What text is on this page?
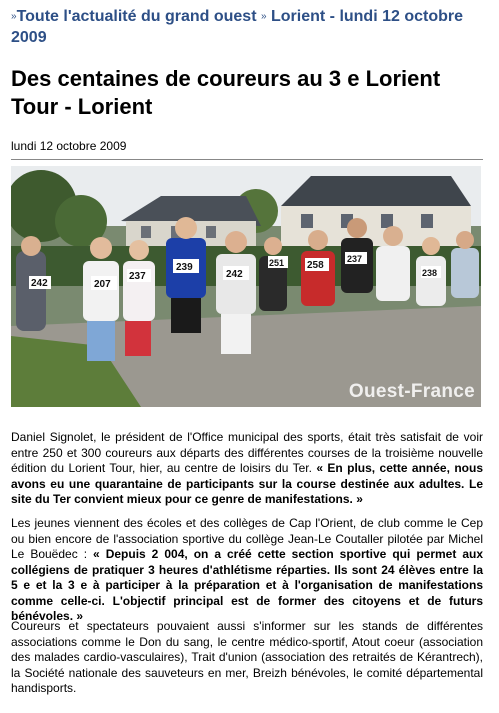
»Toute l'actualité du grand ouest » Lorient - lundi 12 octobre 2009
Des centaines de coureurs au 3 e Lorient Tour - Lorient
lundi 12 octobre 2009
242
239
207
237
258
242
251	237
238
Ouest-France

Daniel Signolet, le président de l'Office municipal des sports, était très satisfait de voir entre 250 et 300 coureurs aux départs des différentes courses de la troisième nouvelle édition du Lorient Tour, hier, au centre de loisirs du Ter. « En plus, cette année, nous avons eu une quarantaine de participants sur la course destinée aux adultes. Le site du Ter convient mieux pour ce genre de manifestations. »

Les jeunes viennent des écoles et des collèges de Cap l'Orient, de club comme le Cep ou bien encore de l'association sportive du collège Jean-Le Coutaller pilotée par Michel Le Bouëdec : « Depuis 2 004, on a créé cette section sportive qui permet aux collégiens de pratiquer 3 heures d'athlétisme réparties. Ils sont 24 élèves entre la 5 e et la 3 e à participer à la préparation et à l'organisation de manifestations comme celle-ci. L'objectif principal est de former des citoyens et de futurs bénévoles. »

Coureurs et spectateurs pouvaient aussi s'informer sur les stands de différentes associations comme le Don du sang, le centre médico-sportif, Atout coeur (association des malades cardio-vasculaires), Trait d'union (association des retraités de Kérantrech), la Société nationale des sauveteurs en mer, Breizh bénévoles, le comité départemental handisports.
